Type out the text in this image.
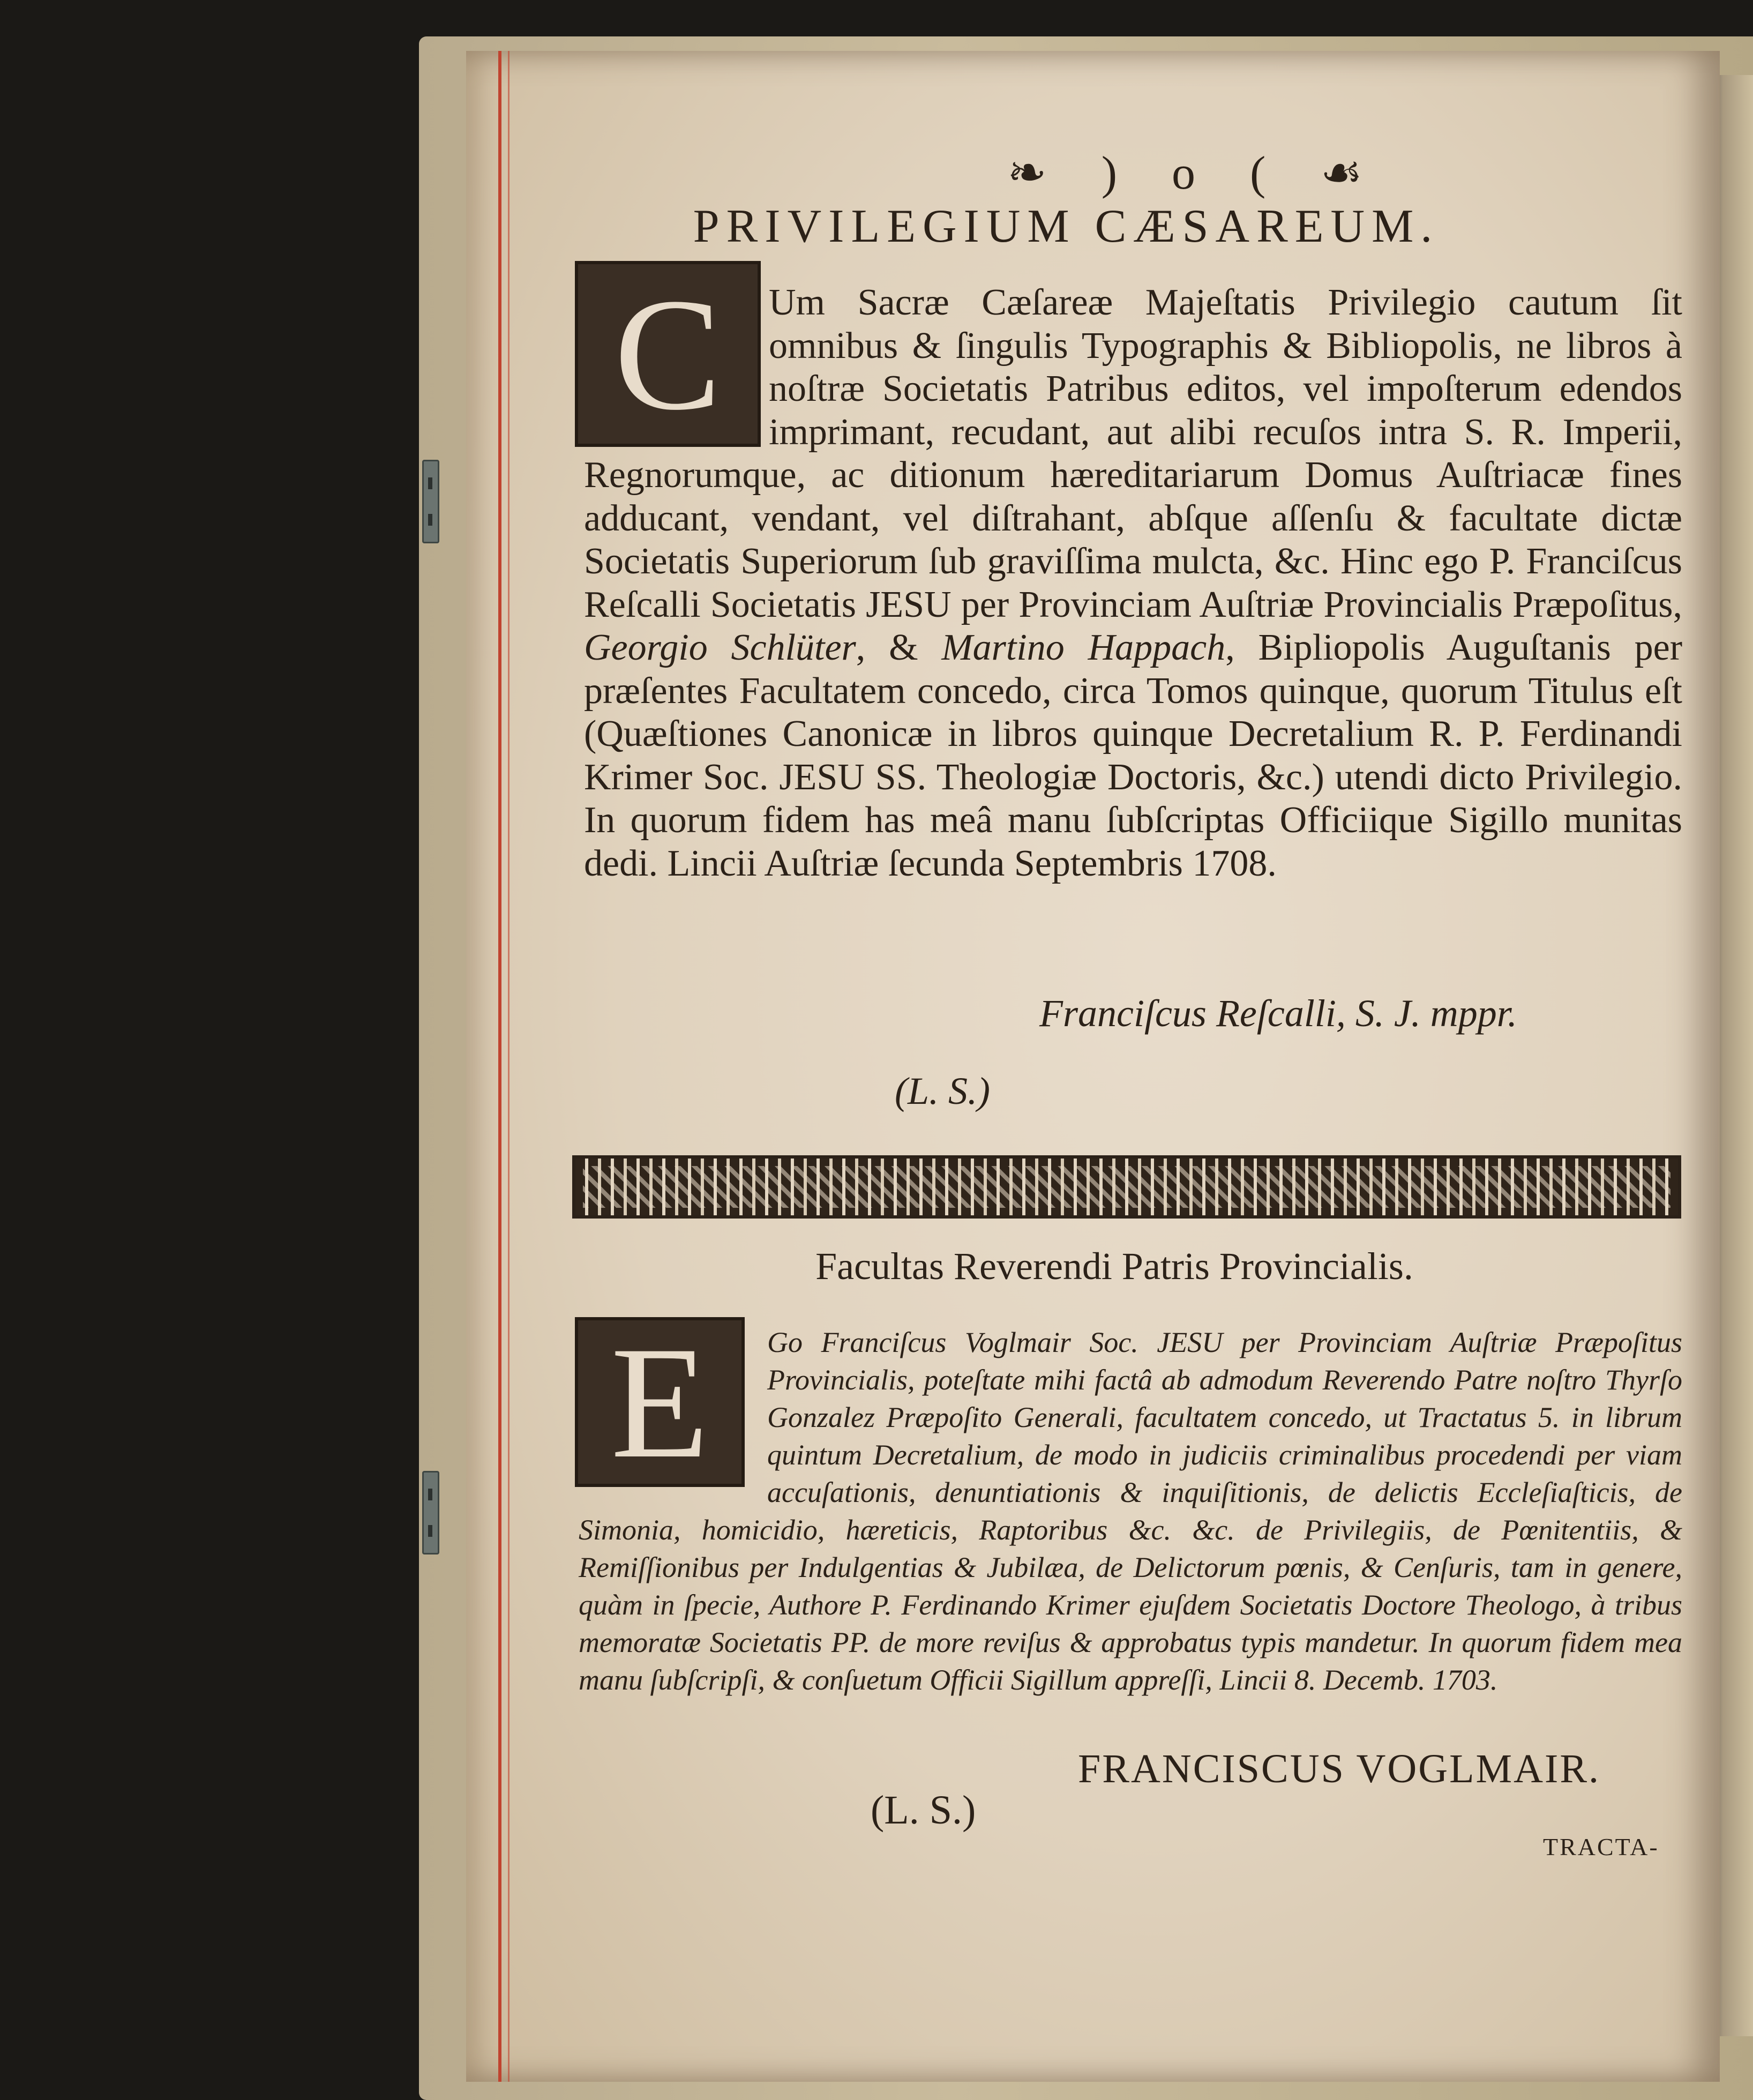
❧ ) o ( ☙
PRIVILEGIUM CÆSAREUM.
C	Um Sacræ Cæſareæ Majeſtatis Privilegio cautum ſit omnibus & ſingulis Typographis & Bibliopolis, ne libros à noſtræ Societatis Patribus editos, vel impoſterum edendos imprimant, recudant, aut alibi recuſos intra S. R. Imperii, Regnorumque, ac ditionum hæreditariarum Domus Auſtriacæ fines adducant, vendant, vel diſtrahant, abſque aſſenſu & facultate dictæ Societatis Superiorum ſub graviſſima mulcta, &c. Hinc ego P. Franciſcus Reſcalli Societatis JESU per Provinciam Auſtriæ Provincialis Præpoſitus, Georgio Schlüter, & Martino Happach, Bipliopolis Auguſtanis per præſentes Facultatem concedo, circa Tomos quinque, quorum Titulus eſt (Quæſtiones Canonicæ in libros quinque Decretalium R. P. Ferdinandi Krimer Soc. JESU SS. Theologiæ Doctoris, &c.) utendi dicto Privilegio. In quorum fidem has meâ manu ſubſcriptas Officiique Sigillo munitas dedi. Lincii Auſtriæ ſecunda Septembris 1708.
Franciſcus Reſcalli, S. J. mppr.
(L. S.)
Facultas Reverendi Patris Provincialis.
E	Go Franciſcus Voglmair Soc. JESU per Provinciam Auſtriæ Præpoſitus Provincialis, poteſtate mihi factâ ab admodum Reverendo Patre noſtro Thyrſo Gonzalez Præpoſito Generali, facultatem concedo, ut Tractatus 5. in librum quintum Decretalium, de modo in judiciis criminalibus procedendi per viam accuſationis, denuntiationis & inquiſitionis, de delictis Eccleſiaſticis, de Simonia, homicidio, hæreticis, Raptoribus &c. &c. de Privilegiis, de Pœnitentiis, & Remiſſionibus per Indulgentias & Jubilæa, de Delictorum pœnis, & Cenſuris, tam in genere, quàm in ſpecie, Authore P. Ferdinando Krimer ejuſdem Societatis Doctore Theologo, à tribus memoratæ Societatis PP. de more reviſus & approbatus typis mandetur. In quorum fidem mea manu ſubſcripſi, & conſuetum Officii Sigillum appreſſi, Lincii 8. Decemb. 1703.
FRANCISCUS VOGLMAIR.
(L. S.)
TRACTA-
